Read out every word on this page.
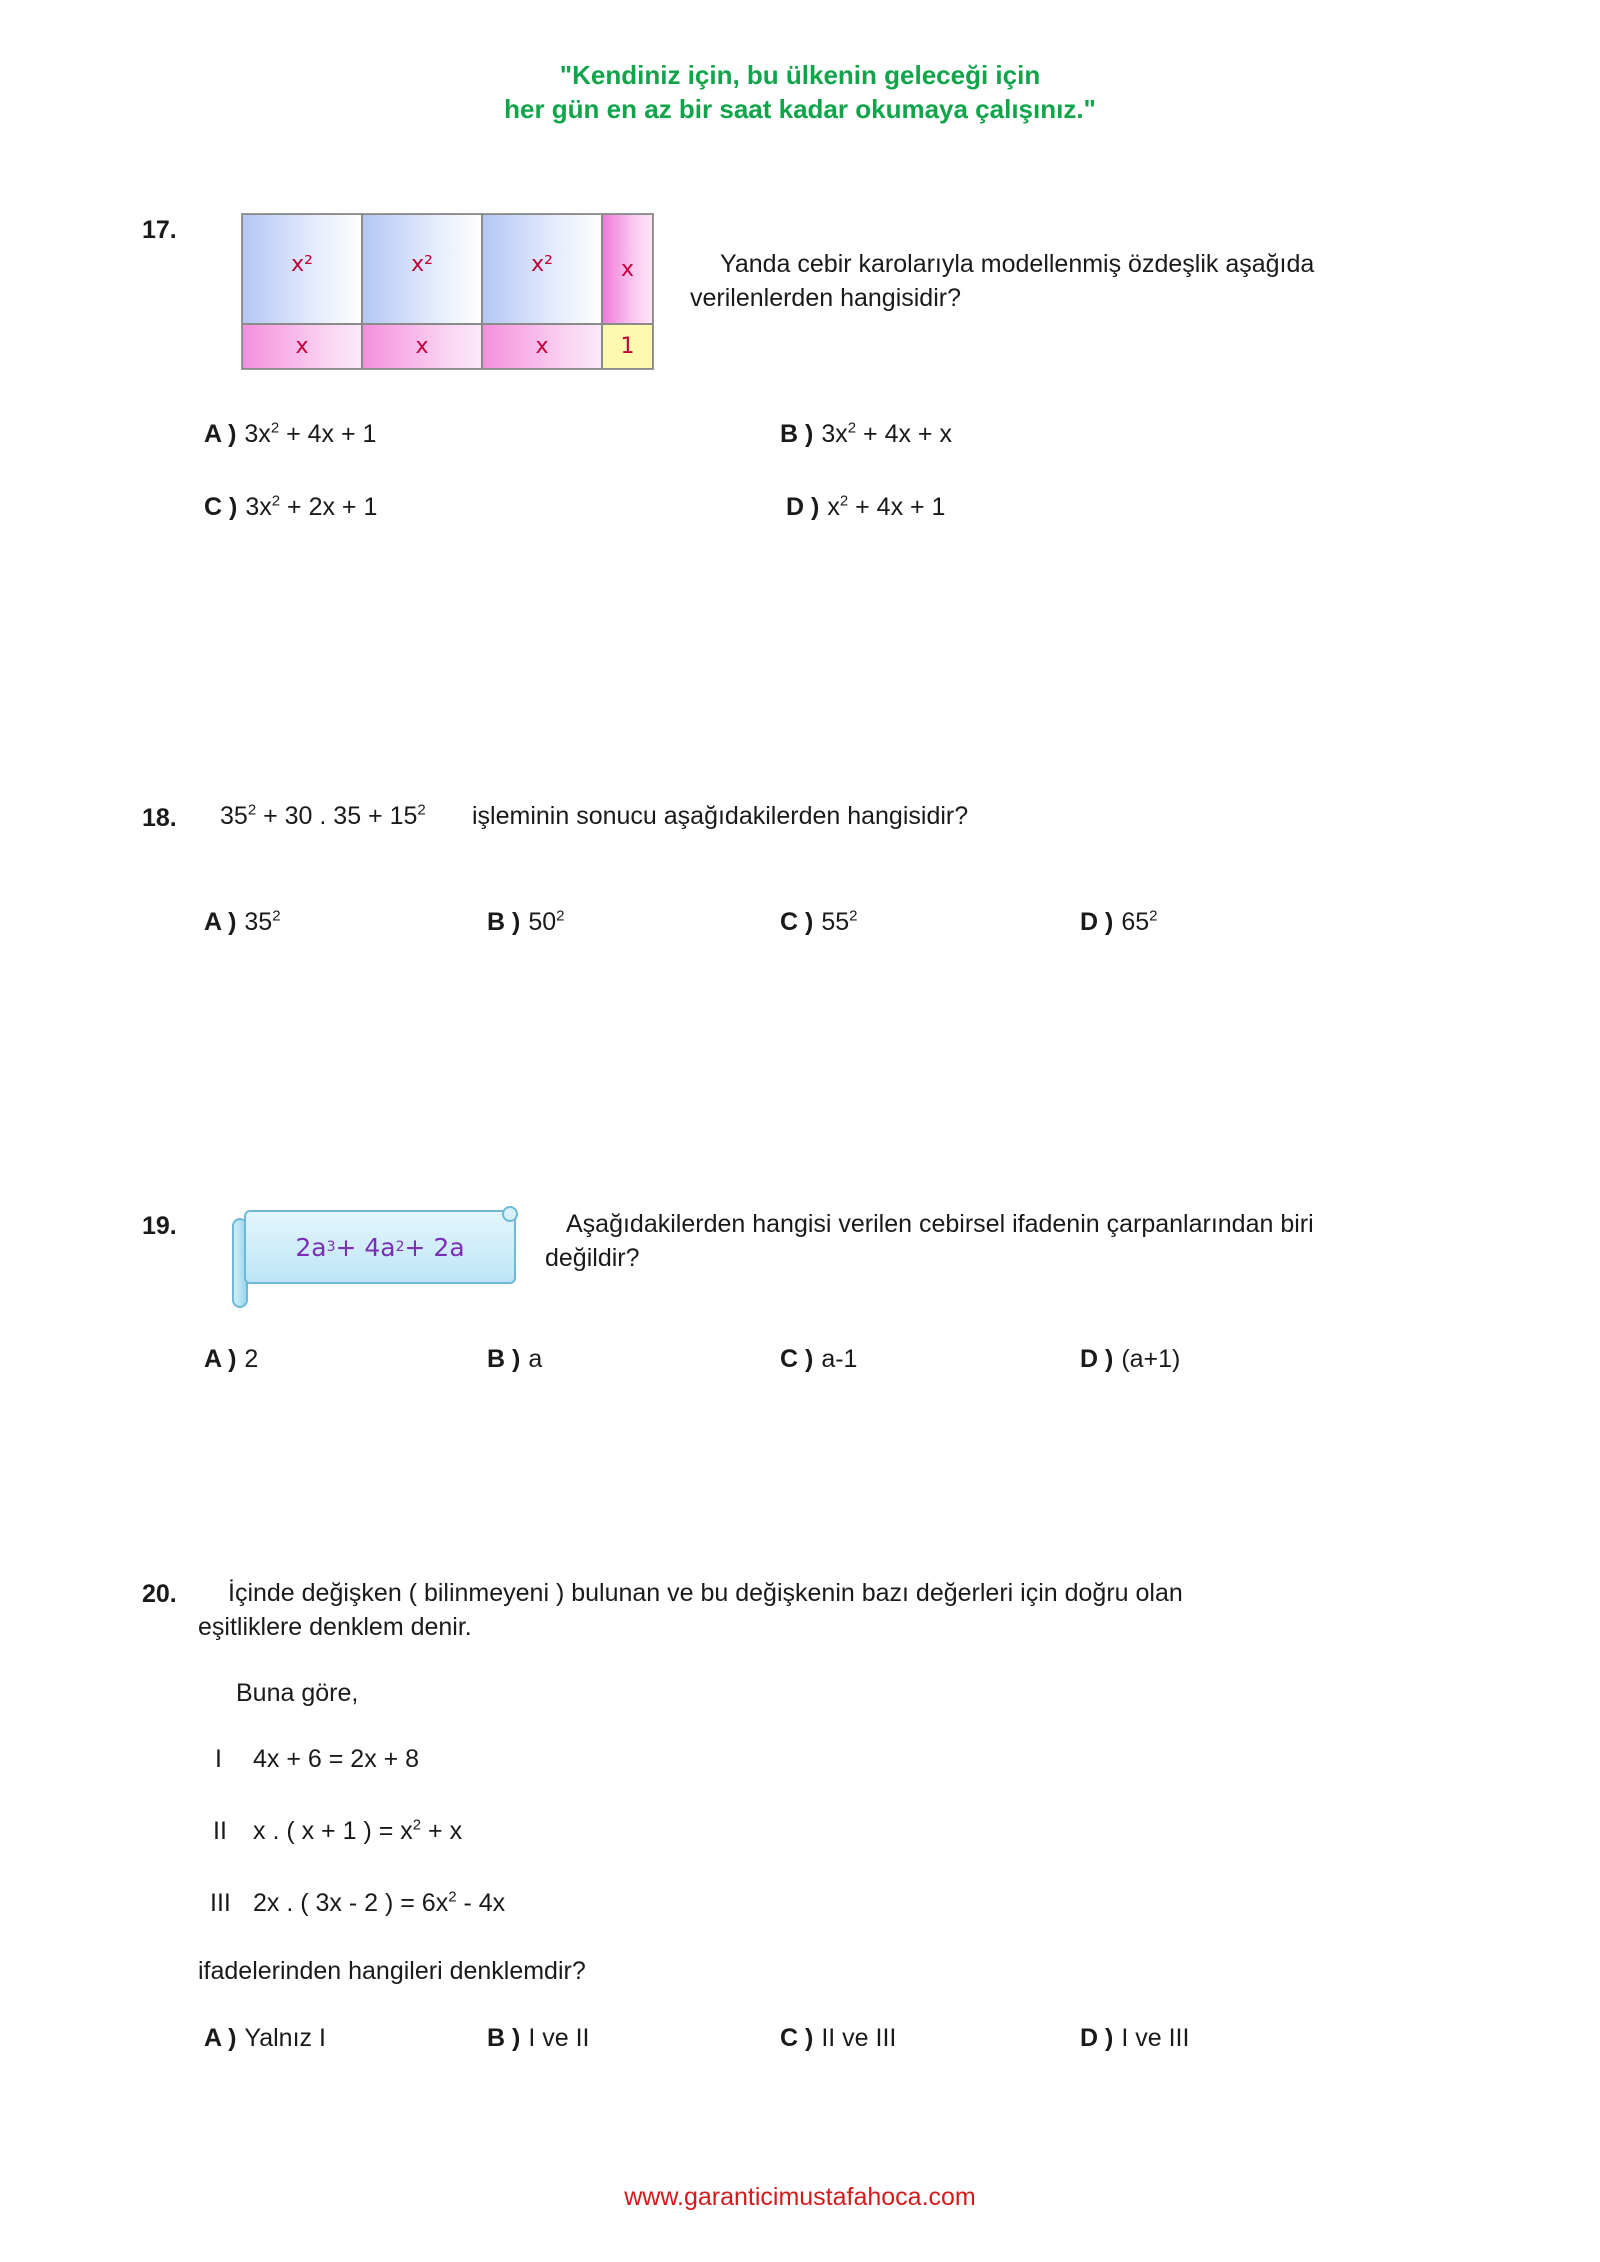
"Kendiniz için, bu ülkenin geleceği için
her gün en az bir saat kadar okumaya çalışınız."
17.
x²	x²	x²	x
x	x	x	1
Yanda cebir karolarıyla modellenmiş özdeşlik aşağıda
verilenlerden hangisidir?
A ) $3x^2 + 4x + 1$	B ) $3x^2 + 4x + x$
C ) $3x^2 + 2x + 1$	D ) $x^2 + 4x + 1$
18. $35^2 + 30$ . $35 + 15^2$ işleminin sonucu aşağıdakilerden hangisidir?
A ) $35^2$	B ) $50^2$	C ) $55^2$	D ) $65^2$
19.
2a 3 + 4a 2 + 2a
Aşağıdakilerden hangisi verilen cebirsel ifadenin çarpanlarından biri
değildir?
A ) 2	B ) a	C ) a-1	D ) (a+1)
20. İçinde değişken ( bilinmeyeni ) bulunan ve bu değişkenin bazı değerleri için doğru olan
eşitliklere denklem denir.
Buna göre,
I 4x + 6 = 2x + 8
II x . ( x + 1 ) = $x^2 + x$
III 2x . ( 3x - 2 ) = $6x^2 - 4x$
ifadelerinden hangileri denklemdir?
A ) Yalnız I	B ) I ve II	C ) II ve III	D ) I ve III
www.garanticimustafahoca.com
